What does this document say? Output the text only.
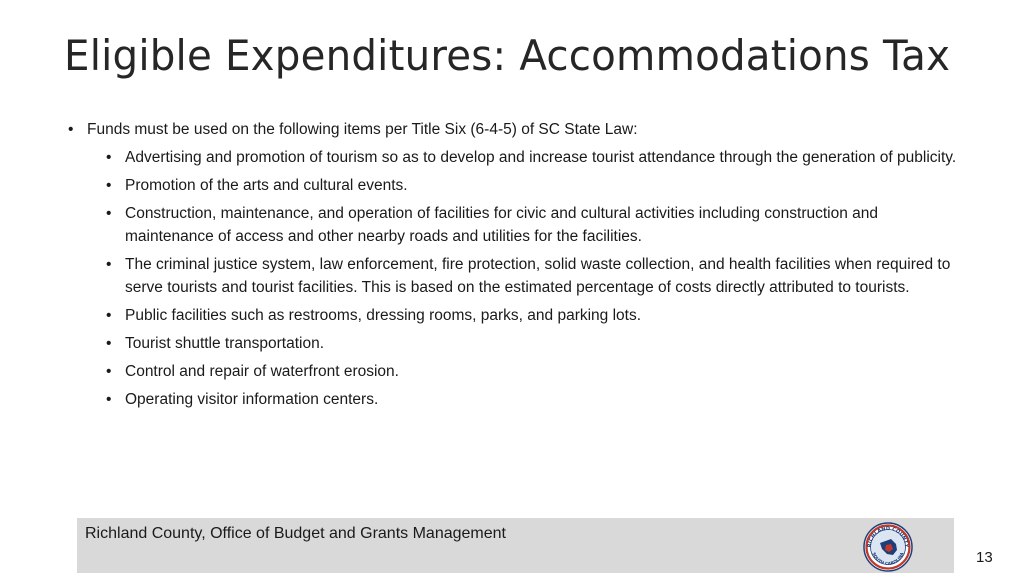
Eligible Expenditures: Accommodations Tax
• Funds must be used on the following items per Title Six (6-4-5) of SC State Law:
• Advertising and promotion of tourism so as to develop and increase tourist attendance through the generation of publicity.
• Promotion of the arts and cultural events.
• Construction, maintenance, and operation of facilities for civic and cultural activities including construction and maintenance of access and other nearby roads and utilities for the facilities.
• The criminal justice system, law enforcement, fire protection, solid waste collection, and health facilities when required to serve tourists and tourist facilities. This is based on the estimated percentage of costs directly attributed to tourists.
• Public facilities such as restrooms, dressing rooms, parks, and parking lots.
• Tourist shuttle transportation.
• Control and repair of waterfront erosion.
• Operating visitor information centers.
Richland County, Office of Budget and Grants Management
RICHLAND COUNTY
SOUTH CAROLINA	13
